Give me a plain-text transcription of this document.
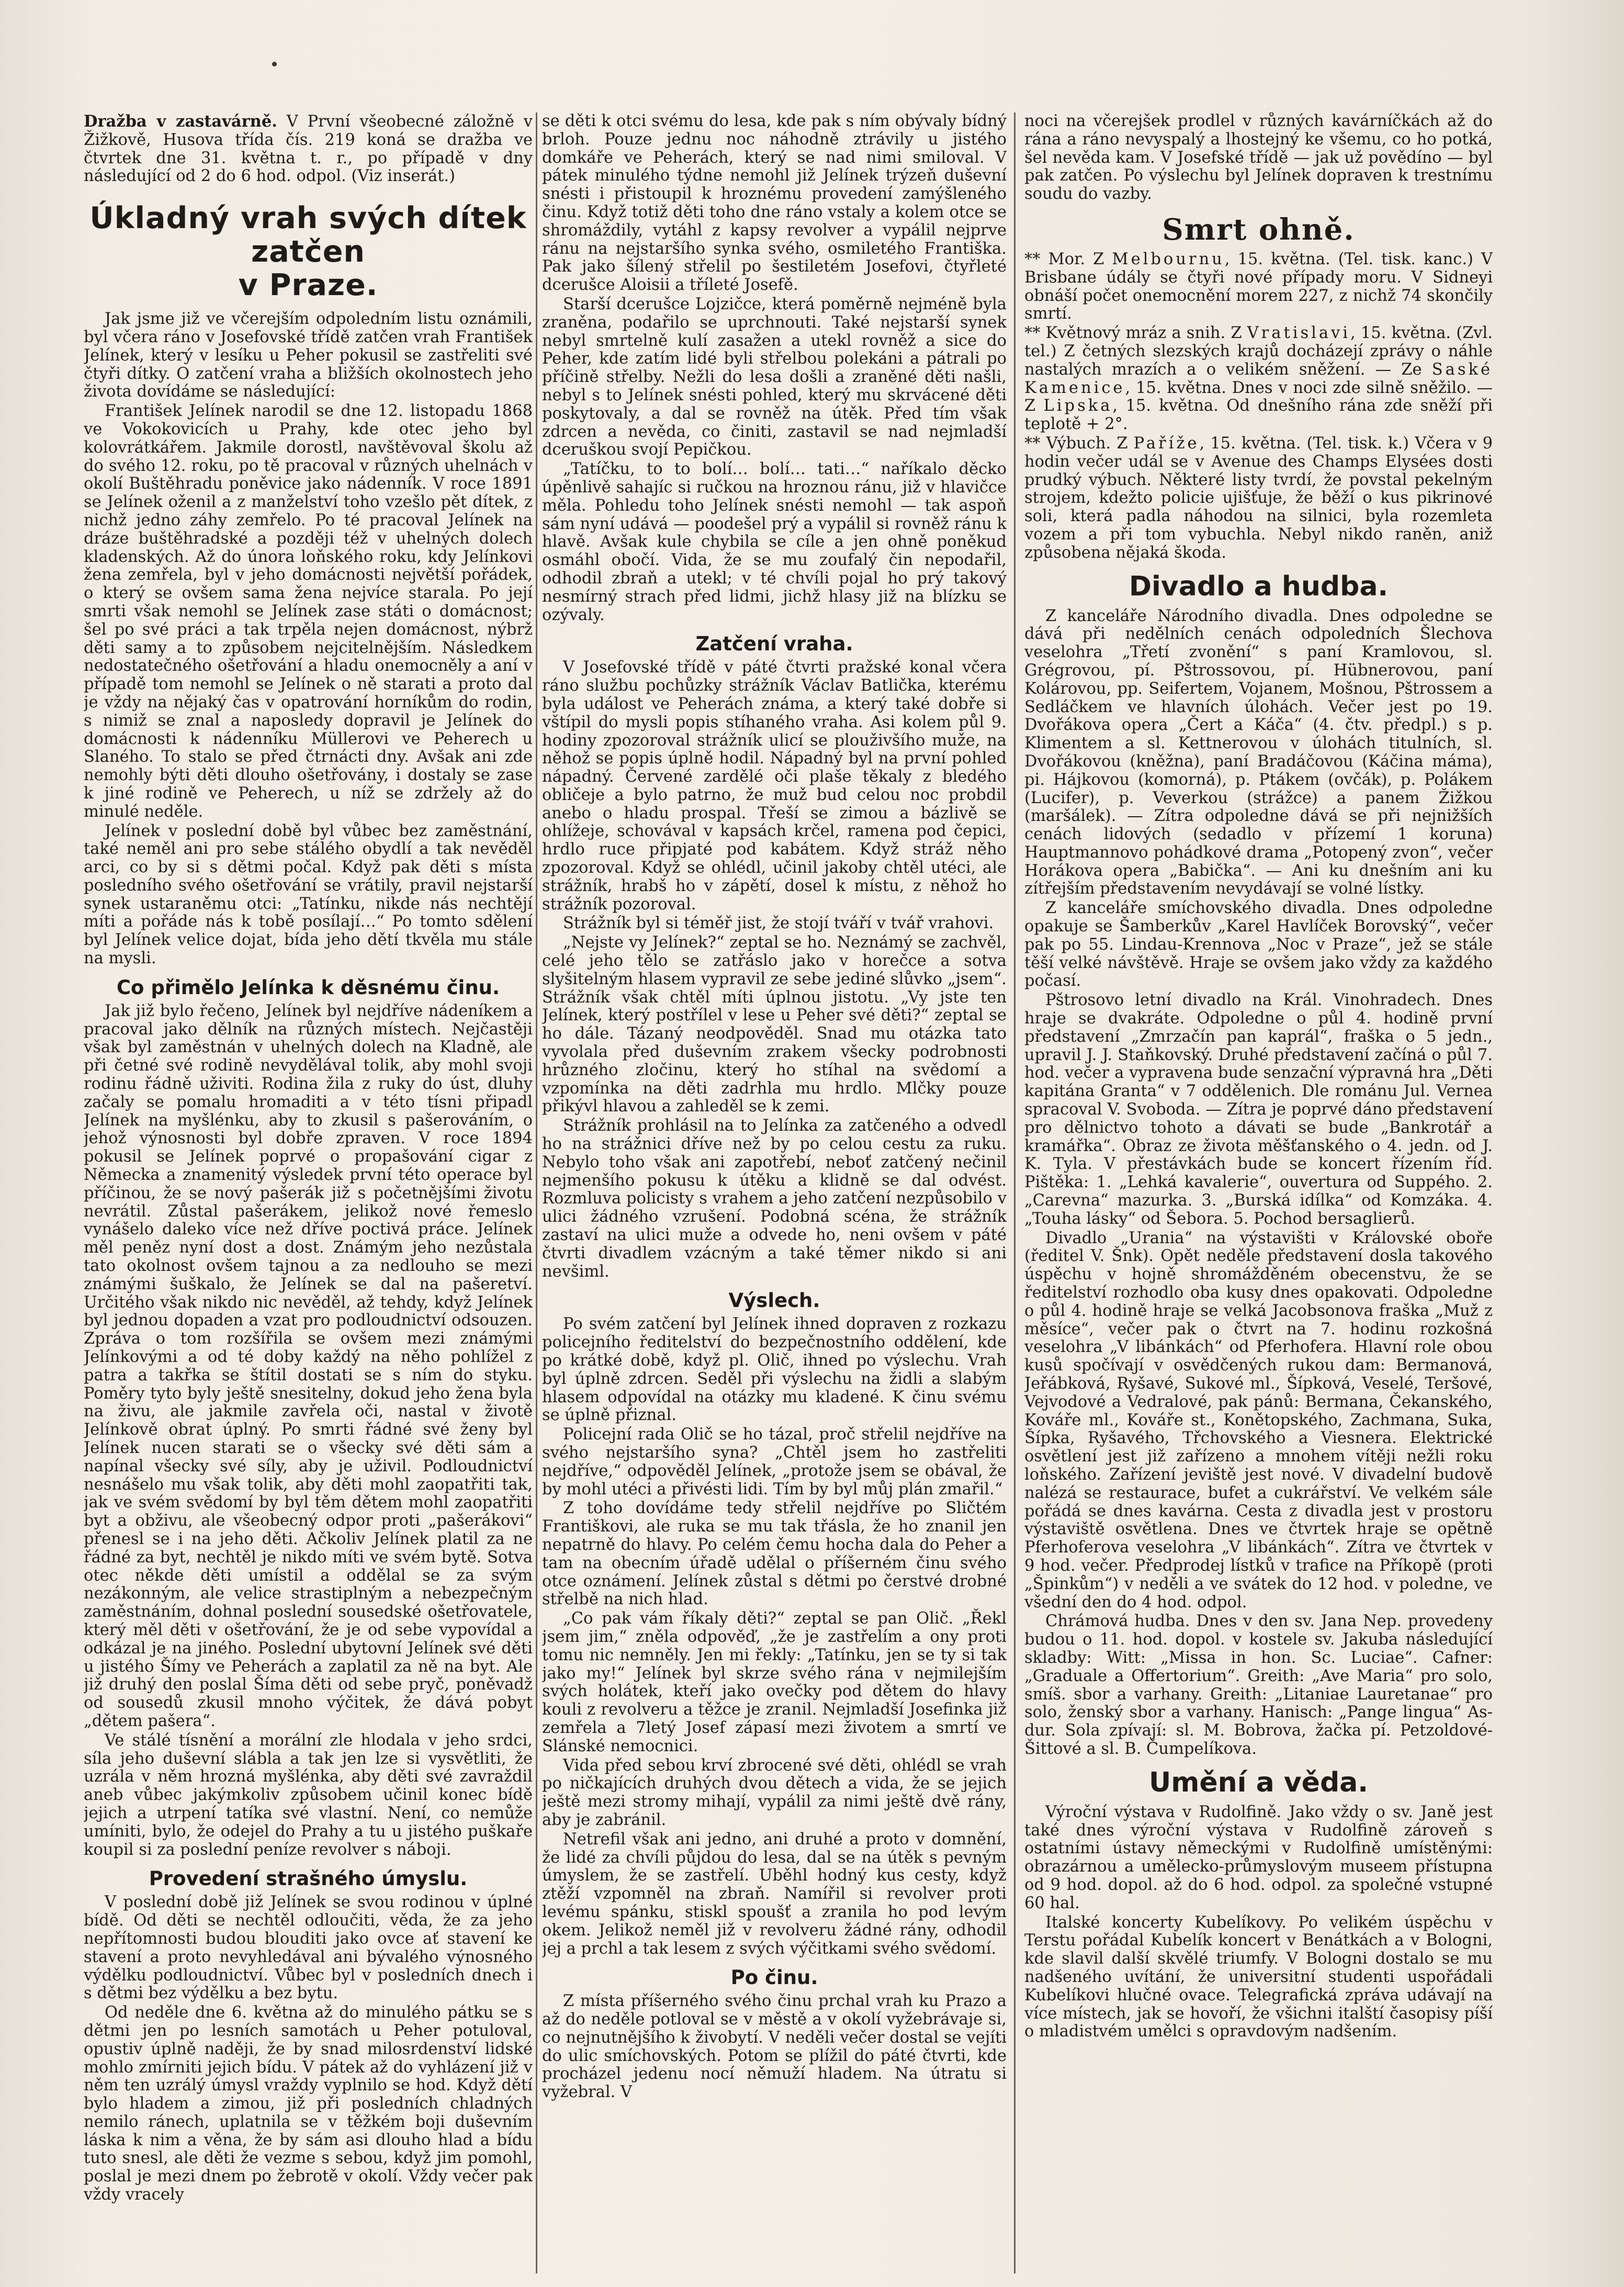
Dražba v zastavárně. V První všeobecné záložně v Žižkově, Husova třída čís. 219 koná se dražba ve čtvrtek dne 31. května t. r., po případě v dny následující od 2 do 6 hod. odpol. (Viz inserát.)

Úkladný vrah svých dítek zatčen
v Praze.

Jak jsme již ve včerejším odpoledním listu oznámili, byl včera ráno v Josefovské třídě zatčen vrah František Jelínek, který v lesíku u Peher pokusil se zastřeliti své čtyři dítky. O zatčení vraha a bližších okolnostech jeho života dovídáme se následující:

František Jelínek narodil se dne 12. listopadu 1868 ve Vokokovicích u Prahy, kde otec jeho byl kolovrátkářem. Jakmile dorostl, navštěvoval školu až do svého 12. roku, po tě pracoval v různých uhelnách v okolí Buštěhradu poněvice jako nádenník. V roce 1891 se Jelínek oženil a z manželství toho vzešlo pět dítek, z nichž jedno záhy zemřelo. Po té pracoval Jelínek na dráze buštěhradské a později též v uhelných dolech kladenských. Až do února loňského roku, kdy Jelínkovi žena zemřela, byl v jeho domácnosti největší pořádek, o který se ovšem sama žena nejvíce starala. Po její smrti však nemohl se Jelínek zase státi o domácnost; šel po své práci a tak trpěla nejen domácnost, nýbrž děti samy a to způsobem nejcitelnějším. Následkem nedostatečného ošetřování a hladu onemocněly a aní v případě tom nemohl se Jelínek o ně starati a proto dal je vždy na nějaký čas v opatrování horníkům do rodin, s nimiž se znal a naposledy dopravil je Jelínek do domácnosti k nádenníku Müllerovi ve Peherech u Slaného. To stalo se před čtrnácti dny. Avšak ani zde nemohly býti děti dlouho ošetřovány, i dostaly se zase k jiné rodině ve Peherech, u níž se zdržely až do minulé neděle.

Jelínek v poslední době byl vůbec bez zaměstnání, také neměl ani pro sebe stálého obydlí a tak nevěděl arci, co by si s dětmi počal. Když pak děti s místa posledního svého ošetřování se vrátily, pravil nejstarší synek ustaraněmu otci: „Tatínku, nikde nás nechtějí míti a pořáde nás k tobě posílají…“ Po tomto sdělení byl Jelínek velice dojat, bída jeho dětí tkvěla mu stále na mysli.

Co přimělo Jelínka k děsnému činu.

Jak již bylo řečeno, Jelínek byl nejdříve nádeníkem a pracoval jako dělník na různých místech. Nejčastěji však byl zaměstnán v uhelných dolech na Kladně, ale při četné své rodině nevydělával tolik, aby mohl svoji rodinu řádně uživiti. Rodina žila z ruky do úst, dluhy začaly se pomalu hromaditi a v této tísni připadl Jelínek na myšlénku, aby to zkusil s pašerováním, o jehož výnosnosti byl dobře zpraven. V roce 1894 pokusil se Jelínek poprvé o propašování cigar z Německa a znamenitý výsledek první této operace byl příčinou, že se nový pašerák již s početnějšími životu nevrátil. Zůstal pašerákem, jelikož nové řemeslo vynášelo daleko více než dříve poctivá práce. Jelínek měl peněz nyní dost a dost. Známým jeho nezůstala tato okolnost ovšem tajnou a za nedlouho se mezi známými šuškalo, že Jelínek se dal na pašeretví. Určitého však nikdo nic nevěděl, až tehdy, když Jelínek byl jednou dopaden a vzat pro podloudnictví odsouzen. Zpráva o tom rozšířila se ovšem mezi známými Jelínkovými a od té doby každý na něho pohlížel z patra a takřka se štítil dostati se s ním do styku. Poměry tyto byly ještě snesitelny, dokud jeho žena byla na živu, ale jakmile zavřela oči, nastal v životě Jelínkově obrat úplný. Po smrti řádné své ženy byl Jelínek nucen starati se o všecky své děti sám a napínal všecky své síly, aby je uživil. Podloudnictví nesnášelo mu však tolik, aby děti mohl zaopatřiti tak, jak ve svém svědomí by byl těm dětem mohl zaopatřiti byt a obživu, ale všeobecný odpor proti „pašerákovi“ přenesl se i na jeho děti. Ačkoliv Jelínek platil za ne řádné za byt, nechtěl je nikdo míti ve svém bytě. Sotva otec někde děti umístil a oddělal se za svým nezákonným, ale velice strastiplným a nebezpečným zaměstnáním, dohnal poslední sousedské ošetřovatele, který měl děti v ošetřování, že je od sebe vypovídal a odkázal je na jiného. Poslední ubytovní Jelínek své děti u jistého Šímy ve Peherách a zaplatil za ně na byt. Ale již druhý den poslal Šíma děti od sebe pryč, poněvadž od sousedů zkusil mnoho výčitek, že dává pobyt „dětem pašera“.

Ve stálé tísnění a morální zle hlodala v jeho srdci, síla jeho duševní slábla a tak jen lze si vysvětliti, že uzrála v něm hrozná myšlénka, aby děti své zavraždil aneb vůbec jakýmkoliv způsobem učinil konec bídě jejich a utrpení tatíka své vlastní. Není, co nemůže umíniti, bylo, že odejel do Prahy a tu u jistého puškaře koupil si za poslední peníze revolver s náboji.

Provedení strašného úmyslu.

V poslední době již Jelínek se svou rodinou v úplné bídě. Od děti se nechtěl odloučiti, věda, že za jeho nepřítomnosti budou blouditi jako ovce ať stavení ke stavení a proto nevyhledával ani bývalého výnosného výdělku podloudnictví. Vůbec byl v posledních dnech i s dětmi bez výdělku a bez bytu.

Od neděle dne 6. května až do minulého pátku se s dětmi jen po lesních samotách u Peher potuloval, opustiv úplně naději, že by snad milosrdenství lidské mohlo zmírniti jejich bídu. V pátek až do vyhlázení již v něm ten uzrálý úmysl vraždy vyplnilo se hod. Když dětí bylo hladem a zimou, již při posledních chladných nemilo ránech, uplatnila se v těžkém boji duševním láska k nim a věna, že by sám asi dlouho hlad a bídu tuto snesl, ale děti že vezme s sebou, když jim pomohl, poslal je mezi dnem po žebrotě v okolí. Vždy večer pak vždy vracely

se děti k otci svému do lesa, kde pak s ním obývaly bídný brloh. Pouze jednu noc náhodně ztrávily u jistého domkáře ve Peherách, který se nad nimi smiloval. V pátek minulého týdne nemohl již Jelínek trýzeň duševní snésti i přistoupil k hroznému provedení zamýšleného činu. Když totiž děti toho dne ráno vstaly a kolem otce se shromáždily, vytáhl z kapsy revolver a vypálil nejprve ránu na nejstaršího synka svého, osmiletého Františka. Pak jako šílený střelil po šestiletém Josefovi, čtyřleté dcerušce Aloisii a tříleté Josefě.

Starší dcerušce Lojzičce, která poměrně nejméně byla zraněna, podařilo se uprchnouti. Také nejstarší synek nebyl smrtelně kulí zasažen a utekl rovněž a sice do Peher, kde zatím lidé byli střelbou polekáni a pátrali po příčině střelby. Nežli do lesa došli a zraněné děti našli, nebyl s to Jelínek snésti pohled, který mu skrvácené děti poskytovaly, a dal se rovněž na útěk. Před tím však zdrcen a nevěda, co činiti, zastavil se nad nejmladší dceruškou svojí Pepičkou.

„Tatíčku, to to bolí… bolí… tati…“ naříkalo děcko úpěnlivě sahajíc si ručkou na hroznou ránu, již v hlavičce měla. Pohledu toho Jelínek snésti nemohl — tak aspoň sám nyní udává — poodešel prý a vypálil si rovněž ránu k hlavě. Avšak kule chybila se cíle a jen ohně poněkud osmáhl obočí. Vida, že se mu zoufalý čin nepodařil, odhodil zbraň a utekl; v té chvíli pojal ho prý takový nesmírný strach před lidmi, jichž hlasy již na blízku se ozývaly.

Zatčení vraha.

V Josefovské třídě v páté čtvrti pražské konal včera ráno službu pochůzky strážník Václav Batlička, kterému byla událost ve Peherách známa, a který také dobře si vštípil do mysli popis stíhaného vraha. Asi kolem půl 9. hodiny zpozoroval strážník ulicí se plouživšího muže, na něhož se popis úplně hodil. Nápadný byl na první pohled nápadný. Červené zardělé oči plaše těkaly z bledého obličeje a bylo patrno, že muž bud celou noc probdil anebo o hladu prospal. Třeší se zimou a bázlivě se ohlížeje, schovával v kapsách krčel, ramena pod čepici, hrdlo ruce připjaté pod kabátem. Když stráž něho zpozoroval. Když se ohlédl, učinil jakoby chtěl utéci, ale strážník, hrabš ho v zápětí, dosel k místu, z něhož ho strážník pozoroval.

Strážník byl si téměř jist, že stojí tváří v tvář vrahovi.

„Nejste vy Jelínek?“ zeptal se ho. Neznámý se zachvěl, celé jeho tělo se zatřáslo jako v horečce a sotva slyšitelným hlasem vypravil ze sebe jediné slůvko „jsem“. Strážník však chtěl míti úplnou jistotu. „Vy jste ten Jelínek, který postřílel v lese u Peher své děti?“ zeptal se ho dále. Tázaný neodpověděl. Snad mu otázka tato vyvolala před duševním zrakem všecky podrobnosti hrůzného zločinu, který ho stíhal na svědomí a vzpomínka na děti zadrhla mu hrdlo. Mlčky pouze přikývl hlavou a zahleděl se k zemi.

Strážník prohlásil na to Jelínka za zatčeného a odvedl ho na strážnici dříve než by po celou cestu za ruku. Nebylo toho však ani zapotřebí, neboť zatčený nečinil nejmenšího pokusu k útěku a klidně se dal odvést. Rozmluva policisty s vrahem a jeho zatčení nezpůsobilo v ulici žádného vzrušení. Podobná scéna, že strážník zastaví na ulici muže a odvede ho, neni ovšem v páté čtvrti divadlem vzácným a také těmer nikdo si ani nevšiml.

Výslech.

Po svém zatčení byl Jelínek ihned dopraven z rozkazu policejního ředitelství do bezpečnostního oddělení, kde po krátké době, když pl. Olič, ihned po výslechu. Vrah byl úplně zdrcen. Seděl při výslechu na židli a slabým hlasem odpovídal na otázky mu kladené. K činu svému se úplně přiznal.

Policejní rada Olič se ho tázal, proč střelil nejdříve na svého nejstaršího syna? „Chtěl jsem ho zastřeliti nejdříve,“ odpověděl Jelínek, „protože jsem se obával, že by mohl utéci a přivésti lidi. Tím by byl můj plán zmařil.“

Z toho dovídáme tedy střelil nejdříve po Sličtém Františkovi, ale ruka se mu tak třásla, že ho znanil jen nepatrně do hlavy. Po celém čemu hocha dala do Peher a tam na obecním úřadě udělal o příšerném činu svého otce oznámení. Jelínek zůstal s dětmi po čerstvé drobné střelbě na nich hlad.

„Co pak vám říkaly děti?“ zeptal se pan Olič. „Řekl jsem jim,“ zněla odpověď, „že je zastřelím a ony proti tomu nic nemněly. Jen mi řekly: „Tatínku, jen se ty si tak jako my!“ Jelínek byl skrze svého rána v nejmilejším svých holátek, kteří jako ovečky pod dětem do hlavy kouli z revolveru a těžce je zranil. Nejmladší Josefinka již zemřela a 7letý Josef zápasí mezi životem a smrtí ve Slánské nemocnici.

Vida před sebou krví zbrocené své děti, ohlédl se vrah po ničkajících druhých dvou dětech a vida, že se jejich ještě mezi stromy mihají, vypálil za nimi ještě dvě rány, aby je zabránil.

Netrefil však ani jedno, ani druhé a proto v domnění, že lidé za chvíli půjdou do lesa, dal se na útěk s pevným úmyslem, že se zastřelí. Uběhl hodný kus cesty, když ztěží vzpomněl na zbraň. Namířil si revolver proti levému spánku, stiskl spoušť a zranila ho pod levým okem. Jelikož neměl již v revolveru žádné rány, odhodil jej a prchl a tak lesem z svých výčitkami svého svědomí.

Po činu.

Z místa příšerného svého činu prchal vrah ku Prazo a až do neděle potloval se v městě a v okolí vyžebrávaje si, co nejnutnějšího k živobytí. V neděli večer dostal se vejíti do ulic smíchovských. Potom se plížil do páté čtvrti, kde procházel jedenu nocí němuží hladem. Na útratu si vyžebral. V

noci na včerejšek prodlel v různých kavárníčkách až do rána a ráno nevyspalý a lhostejný ke všemu, co ho potká, šel nevěda kam. V Josefské třídě — jak už povědíno — byl pak zatčen. Po výslechu byl Jelínek dopraven k trestnímu soudu do vazby.

Smrt ohně.

** Mor. Z Melbournu, 15. května. (Tel. tisk. kanc.) V Brisbane údály se čtyři nové případy moru. V Sidneyi obnáší počet onemocnění morem 227, z nichž 74 skončily smrtí.

** Květnový mráz a snih. Z Vratislavi, 15. května. (Zvl. tel.) Z četných slezských krajů docházejí zprávy o náhle nastalých mrazích a o velikém sněžení. — Ze Saské Kamenice, 15. května. Dnes v noci zde silně sněžilo. — Z Lipska, 15. května. Od dnešního rána zde sněží při teplotě + 2°.

** Výbuch. Z Paříže, 15. května. (Tel. tisk. k.) Včera v 9 hodin večer udál se v Avenue des Champs Elysées dosti prudký výbuch. Některé listy tvrdí, že povstal pekelným strojem, kdežto policie ujišťuje, že běží o kus pikrinové soli, která padla náhodou na silnici, byla rozemleta vozem a při tom vybuchla. Nebyl nikdo raněn, aniž způsobena nějaká škoda.

Divadlo a hudba.

Z kanceláře Národního divadla. Dnes odpoledne se dává při nedělních cenách odpoledních Šlechova veselohra „Třetí zvonění“ s paní Kramlovou, sl. Grégrovou, pí. Pštrossovou, pí. Hübnerovou, paní Kolárovou, pp. Seifertem, Vojanem, Mošnou, Pštrossem a Sedláčkem ve hlavních úlohách. Večer jest po 19. Dvořákova opera „Čert a Káča“ (4. čtv. předpl.) s p. Klimentem a sl. Kettnerovou v úlohách titulních, sl. Dvořákovou (kněžna), paní Bradáčovou (Káčina máma), pi. Hájkovou (komorná), p. Ptákem (ovčák), p. Polákem (Lucifer), p. Veverkou (strážce) a panem Žižkou (maršálek). — Zítra odpoledne dává se při nejnižších cenách lidových (sedadlo v přízemí 1 koruna) Hauptmannovo pohádkové drama „Potopený zvon“, večer Horákova opera „Babička“. — Ani ku dnešním ani ku zítřejším představením nevydávají se volné lístky.

Z kanceláře smíchovského divadla. Dnes odpoledne opakuje se Šamberkův „Karel Havlíček Borovský“, večer pak po 55. Lindau-Krennova „Noc v Praze“, jež se stále těší velké návštěvě. Hraje se ovšem jako vždy za každého počasí.

Pštrosovo letní divadlo na Král. Vinohradech. Dnes hraje se dvakráte. Odpoledne o půl 4. hodině první představení „Zmrzačín pan kaprál“, fraška o 5 jedn., upravil J. J. Staňkovský. Druhé představení začíná o půl 7. hod. večer a vypravena bude senzační výpravná hra „Děti kapitána Granta“ v 7 oddělenich. Dle románu Jul. Vernea spracoval V. Svoboda. — Zítra je poprvé dáno představení pro dělnictvo tohoto a dávati se bude „Bankrotář a kramářka“. Obraz ze života měšťanského o 4. jedn. od J. K. Tyla. V přestávkách bude se koncert řízením říd. Pištěka: 1. „Lehká kavalerie“, ouvertura od Suppého. 2. „Carevna“ mazurka. 3. „Burská idílka“ od Komzáka. 4. „Touha lásky“ od Šebora. 5. Pochod bersaglierů.

Divadlo „Urania“ na výstavišti v Královské oboře (ředitel V. Šnk). Opět neděle představení dosla takového úspěchu v hojně shromážděném obecenstvu, že se ředitelství rozhodlo oba kusy dnes opakovati. Odpoledne o půl 4. hodině hraje se velká Jacobsonova fraška „Muž z měsíce“, večer pak o čtvrt na 7. hodinu rozkošná veselohra „V libánkách“ od Pferhofera. Hlavní role obou kusů spočívají v osvědčených rukou dam: Bermanová, Jeřábková, Ryšavé, Sukové ml., Šípková, Veselé, Teršové, Vejvodové a Vedralové, pak pánů: Bermana, Čekanského, Kováře ml., Kováře st., Konětopského, Zachmana, Suka, Šípka, Ryšavého, Třchovského a Viesnera. Elektrické osvětlení jest již zařízeno a mnohem vítěji nežli roku loňského. Zařízení jeviště jest nové. V divadelní budově nalézá se restaurace, bufet a cukrářství. Ve velkém sále pořádá se dnes kavárna. Cesta z divadla jest v prostoru výstaviště osvětlena. Dnes ve čtvrtek hraje se opětně Pferhoferova veselohra „V libánkách“. Zítra ve čtvrtek v 9 hod. večer. Předprodej lístků v trafice na Příkopě (proti „Špinkům“) v neděli a ve svátek do 12 hod. v poledne, ve všední den do 4 hod. odpol.

Chrámová hudba. Dnes v den sv. Jana Nep. provedeny budou o 11. hod. dopol. v kostele sv. Jakuba následující skladby: Witt: „Missa in hon. Sc. Luciae“. Cafner: „Graduale a Offertorium“. Greith: „Ave Maria“ pro solo, smíš. sbor a varhany. Greith: „Litaniae Lauretanae“ pro solo, ženský sbor a varhany. Hanisch: „Pange lingua“ As-dur. Sola zpívají: sl. M. Bobrova, žačka pí. Petzoldové-Šittové a sl. B. Čumpelíkova.

Umění a věda.

Výroční výstava v Rudolfině. Jako vždy o sv. Janě jest také dnes výroční výstava v Rudolfině zároveň s ostatními ústavy německými v Rudolfině umístěnými: obrazárnou a umělecko-průmyslovým museem přístupna od 9 hod. dopol. až do 6 hod. odpol. za společné vstupné 60 hal.

Italské koncerty Kubelíkovy. Po velikém úspěchu v Terstu pořádal Kubelík koncert v Benátkách a v Bologni, kde slavil další skvělé triumfy. V Bologni dostalo se mu nadšeného uvítání, že universitní studenti uspořádali Kubelíkovi hlučné ovace. Telegrafická zpráva udávají na více místech, jak se hovoří, že všichni italští časopisy píší o mladistvém umělci s opravdovým nadšením.
